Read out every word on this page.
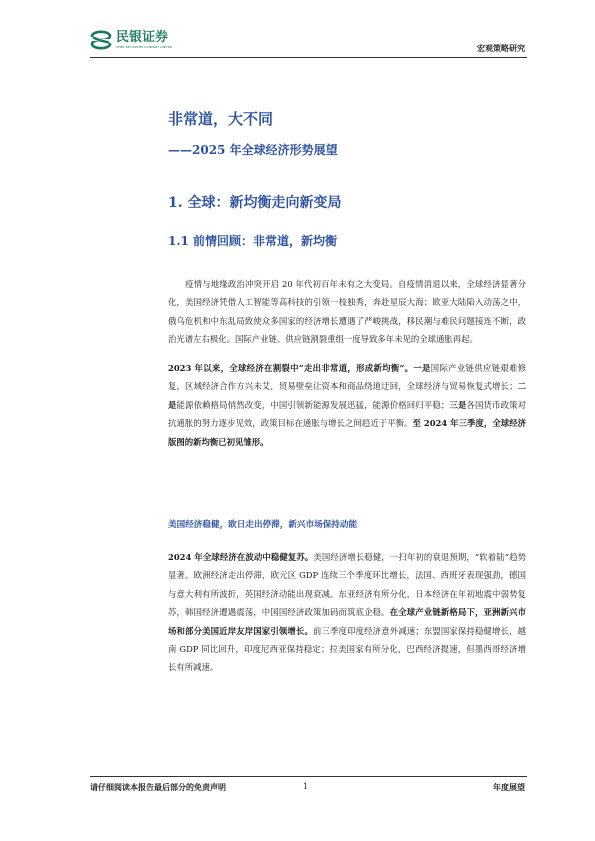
民银证券
CMBC SECURITIES COMPANY LIMITED	宏观策略研究
非常道，大不同
——2025 年全球经济形势展望
1. 全球：新均衡走向新变局
1.1 前情回顾：非常道，新均衡
疫情与地缘政治冲突开启 20 年代初百年未有之大变局。自疫情消退以来，全球经济显著分化，美国经济凭借人工智能等高科技的引领一枝独秀，奔赴星辰大海；欧亚大陆陷入动荡之中，俄乌危机和中东乱局致使众多国家的经济增长遭遇了严峻挑战，移民潮与难民问题接连不断，政治光谱左右极化。国际产业链、供应链割裂重组一度导致多年未见的全球通胀再起。
2023 年以来，全球经济在割裂中“走出非常道，形成新均衡”。一是国际产业链供应链艰难修复，区域经济合作方兴未艾，贸易壁垒让资本和商品绕道迂回，全球经济与贸易恢复式增长；二是能源依赖格局悄然改变，中国引领新能源发展迅猛，能源价格回归平稳；三是各国货币政策对抗通胀的努力逐步见效，政策目标在通胀与增长之间趋近于平衡。至 2024 年三季度，全球经济版图的新均衡已初见雏形。
美国经济稳健，欧日走出停滞，新兴市场保持动能
2024 年全球经济在波动中稳健复苏。美国经济增长稳健，一扫年初的衰退预期，“软着陆”趋势显著。欧洲经济走出停滞，欧元区 GDP 连续三个季度环比增长，法国、西班牙表现强劲，德国与意大利有所波折，英国经济动能出现衰减。东亚经济有所分化，日本经济在年初地震中弱势复苏，韩国经济遭遇震荡，中国国经济政策加码而筑底企稳。在全球产业链新格局下，亚洲新兴市场和部分美国近岸友岸国家引领增长。前三季度印度经济意外减速；东盟国家保持稳健增长，越南 GDP 同比回升，印度尼西亚保持稳定；拉美国家有所分化，巴西经济提速，但墨西哥经济增长有所减速。
请仔细阅读本报告最后部分的免责声明	1	年度展望
